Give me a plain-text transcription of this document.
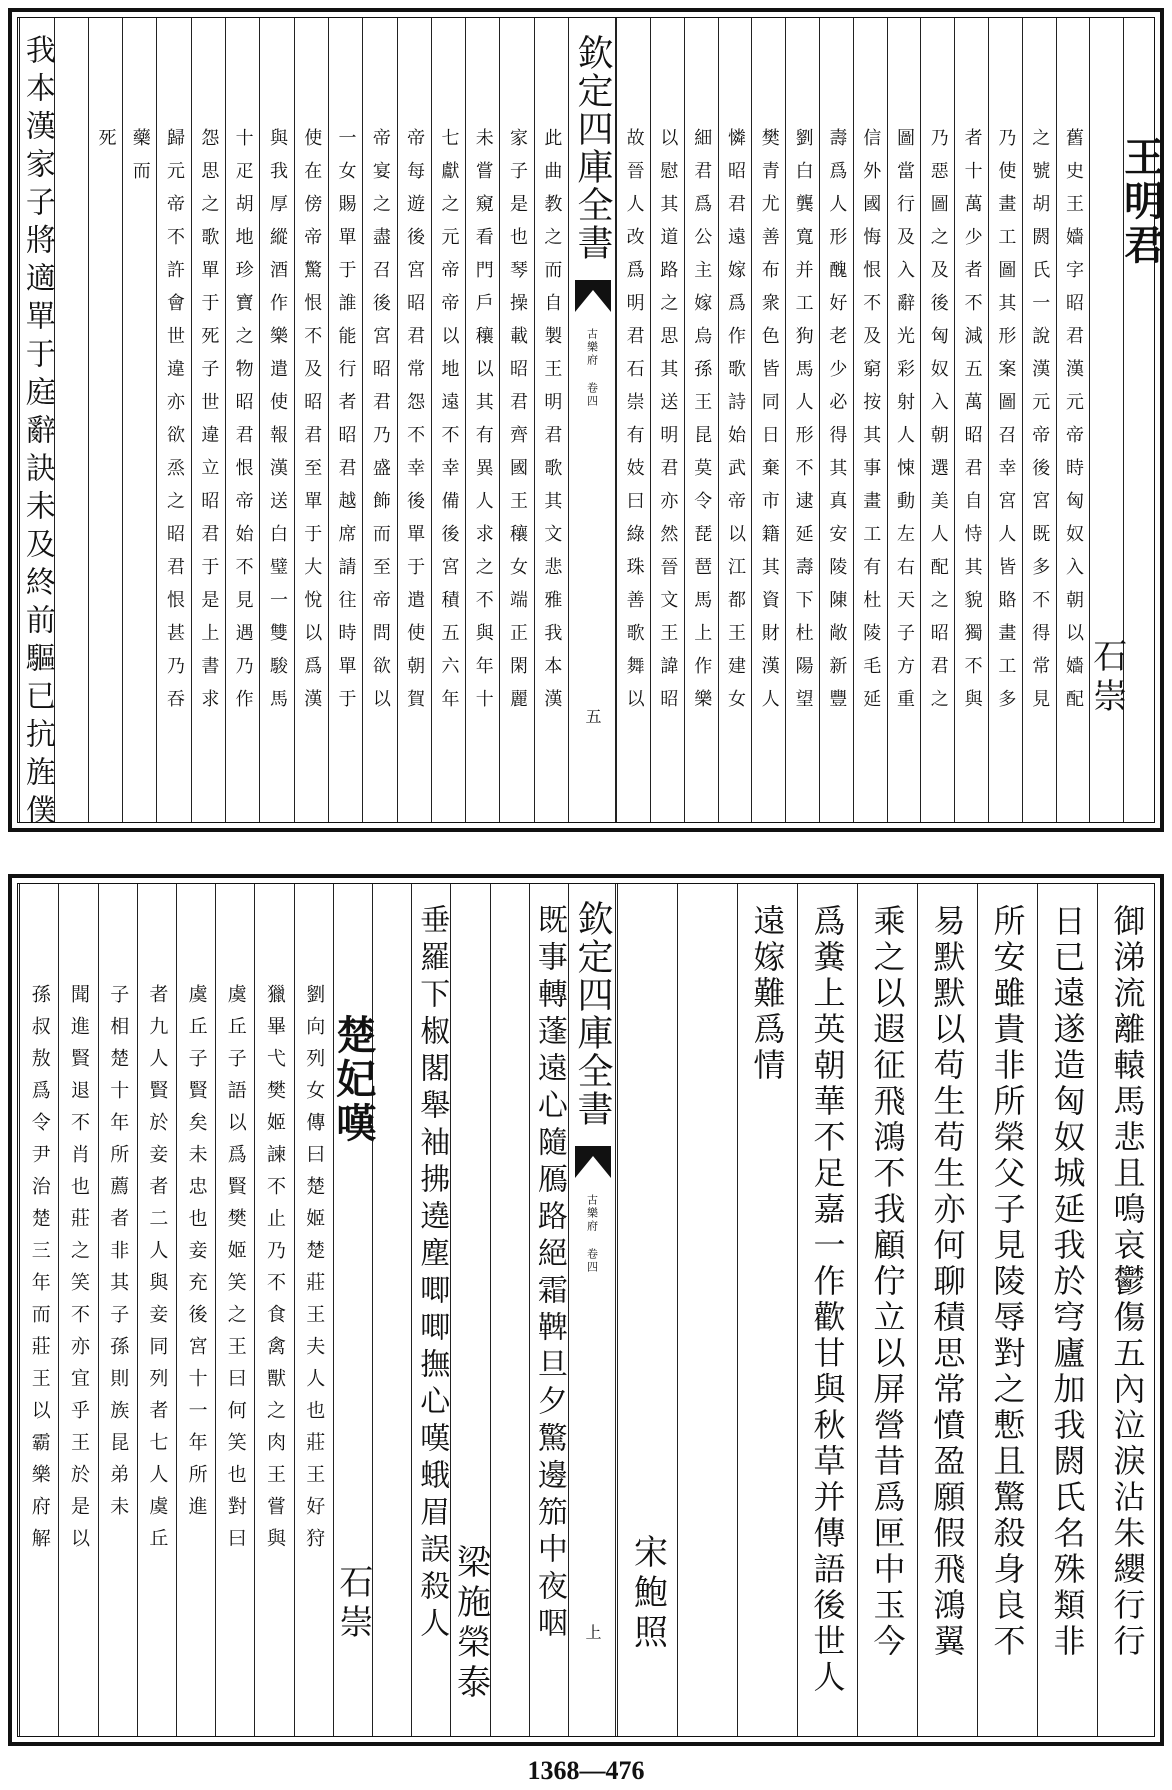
欽定四庫全書
古樂府 卷四
五
王明君
石崇
舊史王嬙字昭君漢元帝時匈奴入朝以嬙配
之號胡閼氏一說漢元帝後宮既多不得常見
乃使畫工圖其形案圖召幸宮人皆賂畫工多
者十萬少者不減五萬昭君自恃其貌獨不與
乃惡圖之及後匈奴入朝選美人配之昭君之
圖當行及入辭光彩射人悚動左右天子方重
信外國悔恨不及窮按其事畫工有杜陵毛延
壽爲人形醜好老少必得其真安陵陳敞新豐
劉白龔寬并工狗馬人形不逮延壽下杜陽望
樊青尤善布衆色皆同日棄市籍其資財漢人
憐昭君遠嫁爲作歌詩始武帝以江都王建女
細君爲公主嫁烏孫王昆莫令琵琶馬上作樂
以慰其道路之思其送明君亦然晉文王諱昭
故晉人改爲明君石崇有妓曰綠珠善歌舞以
此曲教之而自製王明君歌其文悲雅我本漢
家子是也琴操載昭君齊國王穰女端正閑麗
未嘗窺看門戶穰以其有異人求之不與年十
七獻之元帝帝以地遠不幸備後宮積五六年
帝每遊後宮昭君常怨不幸後單于遣使朝賀
帝宴之盡召後宮昭君乃盛飾而至帝問欲以
一女賜單于誰能行者昭君越席請往時單于
使在傍帝驚恨不及昭君至單于大悅以爲漢
與我厚縱酒作樂遣使報漢送白璧一雙駿馬
十疋胡地珍寶之物昭君恨帝始不見遇乃作
怨思之歌單于死子世違立昭君于是上書求
歸元帝不許會世違亦欲烝之昭君恨甚乃吞
藥而
死
我本漢家子將適單于庭辭訣未及終前驅已抗旌僕
欽定四庫全書
古樂府 卷四
上	御涕流離轅馬悲且鳴哀鬱傷五內泣淚沾朱纓行行
日已遠遂造匈奴城延我於穹廬加我閼氏名殊類非
所安雖貴非所榮父子見陵辱對之慙且驚殺身良不
易默默以苟生苟生亦何聊積思常憤盈願假飛鴻翼
乘之以遐征飛鴻不我顧佇立以屏營昔爲匣中玉今
爲糞上英朝華不足嘉一作歡甘與秋草并傳語後世人
遠嫁難爲情
宋鮑照
既事轉蓬遠心隨鴈路絕霜鞞旦夕驚邊笳中夜咽
梁施榮泰
垂羅下椒閣舉袖拂遶塵唧唧撫心嘆蛾眉誤殺人
石崇
楚妃嘆
劉向列女傳曰楚姬楚莊王夫人也莊王好狩
獵畢弋樊姬諫不止乃不食禽獸之肉王嘗與
虞丘子語以爲賢樊姬笑之王曰何笑也對曰
虞丘子賢矣未忠也妾充後宮十一年所進
者九人賢於妾者二人與妾同列者七人虞丘
子相楚十年所薦者非其子孫則族昆弟未
聞進賢退不肖也莊之笑不亦宜乎王於是以
孫叔敖爲令尹治楚三年而莊王以霸樂府解
1368—476
